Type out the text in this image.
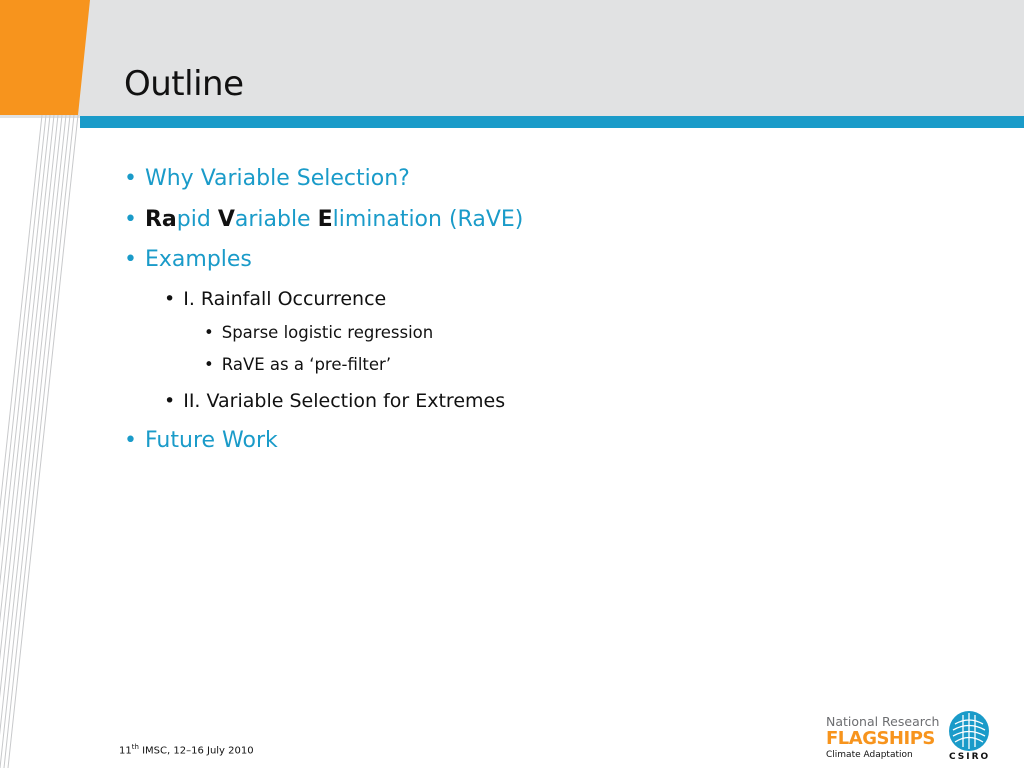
Outline
• Why Variable Selection?
• Rapid Variable Elimination (RaVE)
• Examples
• I. Rainfall Occurrence
• Sparse logistic regression
• RaVE as a ‘pre-filter’
• II. Variable Selection for Extremes
• Future Work
11th IMSC, 12–16 July 2010
National Research
FLAGSHIPS
Climate Adaptation	CSIRO
